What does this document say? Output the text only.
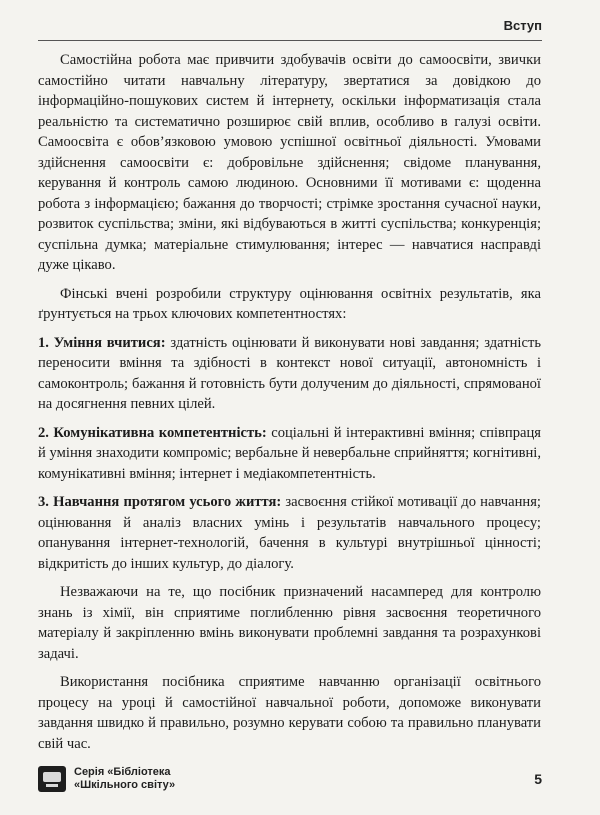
Вступ

Самостійна робота має привчити здобувачів освіти до самоосвіти, звички самостійно читати навчальну літературу, звертатися за довідкою до інформаційно-пошукових систем й інтернету, оскільки інформатизація стала реальністю та систематично розширює свій вплив, особливо в галузі освіти. Самоосвіта є обов’язковою умовою успішної освітньої діяльності. Умовами здійснення самоосвіти є: добровільне здійснення; свідоме планування, керування й контроль самою людиною. Основними її мотивами є: щоденна робота з інформацією; бажання до творчості; стрімке зростання сучасної науки, розвиток суспільства; зміни, які відбуваються в житті суспільства; конкуренція; суспільна думка; матеріальне стимулювання; інтерес — навчатися насправді дуже цікаво.

Фінські вчені розробили структуру оцінювання освітніх результатів, яка ґрунтується на трьох ключових компетентностях:

1. Уміння вчитися: здатність оцінювати й виконувати нові завдання; здатність переносити вміння та здібності в контекст нової ситуації, автономність і самоконтроль; бажання й готовність бути долученим до діяльності, спрямованої на досягнення певних цілей.

2. Комунікативна компетентність: соціальні й інтерактивні вміння; співпраця й уміння знаходити компроміс; вербальне й невербальне сприйняття; когнітивні, комунікативні вміння; інтернет і медіакомпетентність.

3. Навчання протягом усього життя: засвоєння стійкої мотивації до навчання; оцінювання й аналіз власних умінь і результатів навчального процесу; опанування інтернет-технологій, бачення в культурі внутрішньої цінності; відкритість до інших культур, до діалогу.

Незважаючи на те, що посібник призначений насамперед для контролю знань із хімії, він сприятиме поглибленню рівня засвоєння теоретичного матеріалу й закріпленню вмінь виконувати проблемні завдання та розрахункові задачі.

Використання посібника сприятиме навчанню організації освітнього процесу на уроці й самостійної навчальної роботи, допоможе виконувати завдання швидко й правильно, розумно керувати собою та правильно планувати свій час.

Серія «Бібліотека
«Шкільного світу»	5
